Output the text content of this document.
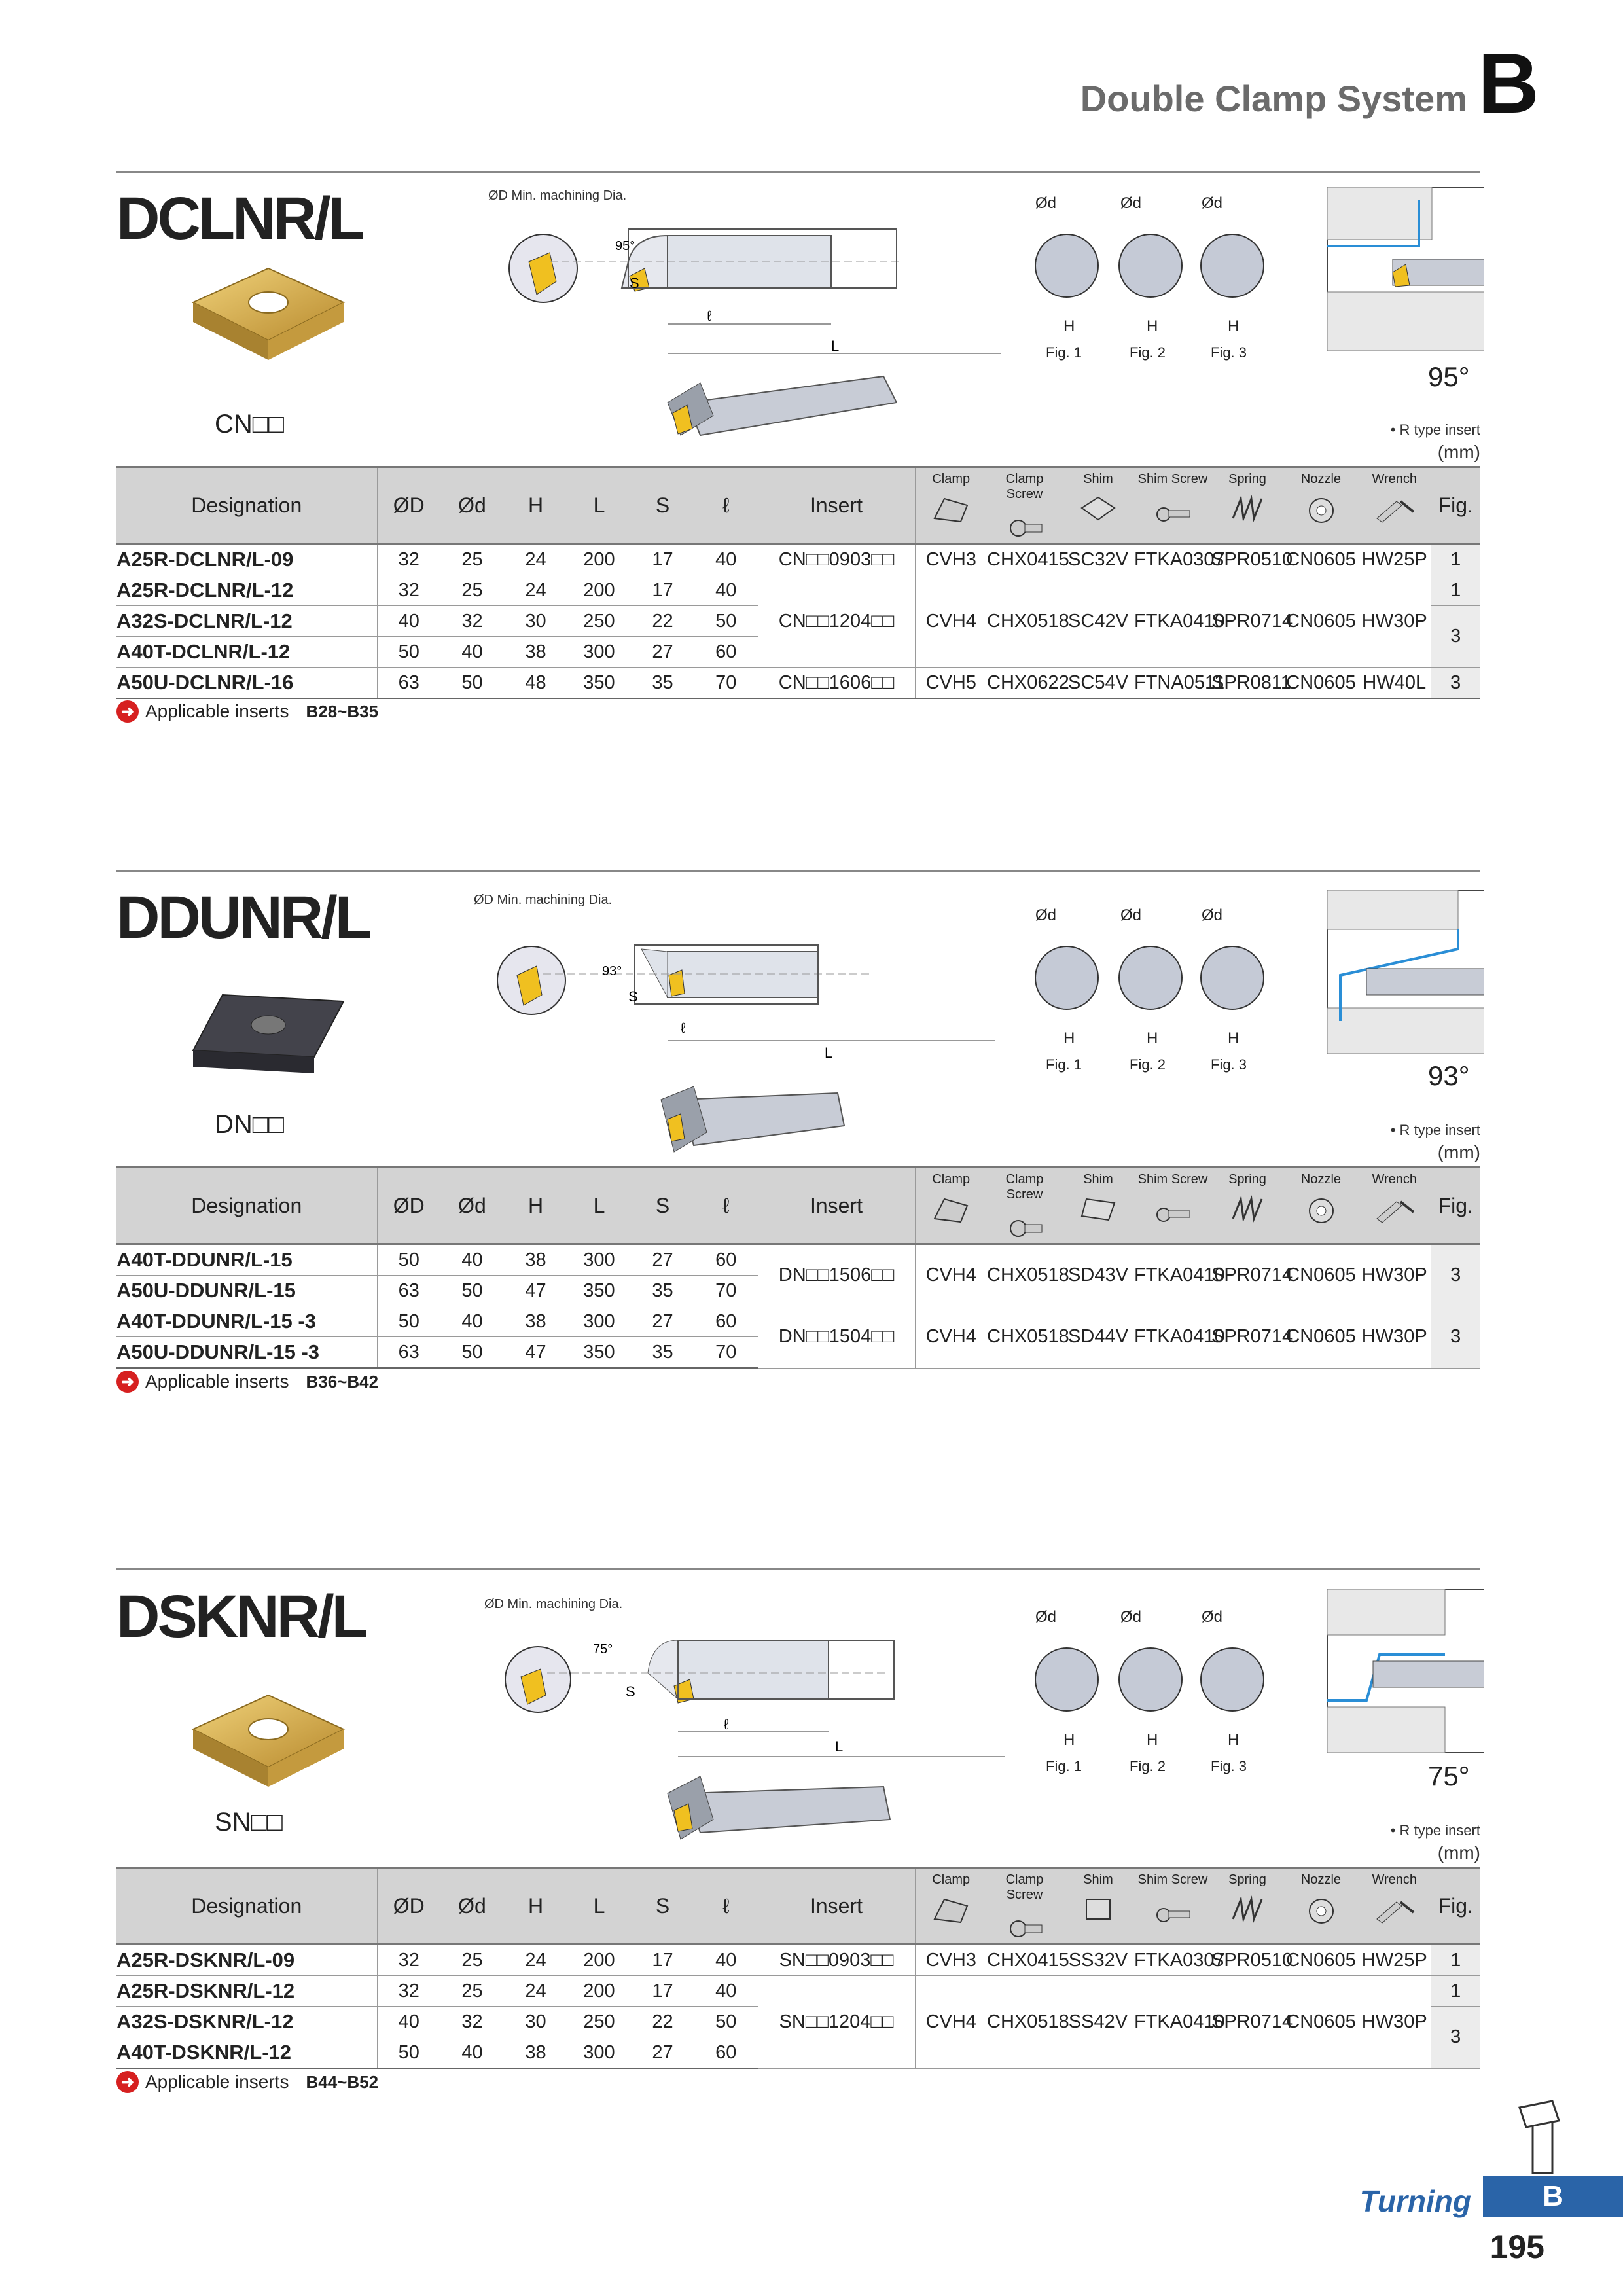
Double Clamp System B
DCLNR/L
CN□□
ØD Min. machining Dia.
95°
S
ℓ
L
Ød	Ød	Ød
H	H	H
Fig. 1	Fig. 2	Fig. 3
95°
• R type insert
(mm)
Designation	ØD	Ød	H	L	S	ℓ	Insert	Clamp	Clamp Screw	Shim	Shim Screw	Spring	Nozzle	Wrench	Fig.
A25R-DCLNR/L-09	32	25	24	200	17	40	CN□□0903□□	CVH3	CHX0415	SC32V	FTKA0307	SPR0510	CN0605	HW25P	1
A25R-DCLNR/L-12	32	25	24	200	17	40	CN□□1204□□	CVH4	CHX0518	SC42V	FTKA0410	SPR0714	CN0605	HW30P	1
A32S-DCLNR/L-12	40	32	30	250	22	50									3
A40T-DCLNR/L-12	50	40	38	300	27	60									
A50U-DCLNR/L-16	63	50	48	350	35	70	CN□□1606□□	CVH5	CHX0622	SC54V	FTNA0511	SPR0811	CN0605	HW40L	3
➜ Applicable inserts B28~B35
DDUNR/L
DN□□
ØD Min. machining Dia.
93°
S
ℓ
L
Ød	Ød	Ød
H	H	H
Fig. 1	Fig. 2	Fig. 3	93°
• R type insert
(mm)
Designation	ØD	Ød	H	L	S	ℓ	Insert	Clamp	Clamp Screw	Shim	Shim Screw	Spring	Nozzle	Wrench	Fig.
A40T-DDUNR/L-15	50	40	38	300	27	60	DN□□1506□□	CVH4	CHX0518	SD43V	FTKA0410	SPR0714	CN0605	HW30P	3
A50U-DDUNR/L-15	63	50	47	350	35	70									
A40T-DDUNR/L-15 -3	50	40	38	300	27	60	DN□□1504□□	CVH4	CHX0518	SD44V	FTKA0410	SPR0714	CN0605	HW30P	3
A50U-DDUNR/L-15 -3	63	50	47	350	35	70									
➜ Applicable inserts B36~B42
DSKNR/L
SN□□
ØD Min. machining Dia.
75°
S
ℓ
L
Ød	Ød	Ød
H	H	H
Fig. 1	Fig. 2	Fig. 3	75°
• R type insert
(mm)
Designation	ØD	Ød	H	L	S	ℓ	Insert	Clamp	Clamp Screw	Shim	Shim Screw	Spring	Nozzle	Wrench	Fig.
A25R-DSKNR/L-09	32	25	24	200	17	40	SN□□0903□□	CVH3	CHX0415	SS32V	FTKA0307	SPR0510	CN0605	HW25P	1
A25R-DSKNR/L-12	32	25	24	200	17	40	SN□□1204□□	CVH4	CHX0518	SS42V	FTKA0410	SPR0714	CN0605	HW30P	1
A32S-DSKNR/L-12	40	32	30	250	22	50									3
A40T-DSKNR/L-12	50	40	38	300	27	60									
➜ Applicable inserts B44~B52
Turning	B
195
